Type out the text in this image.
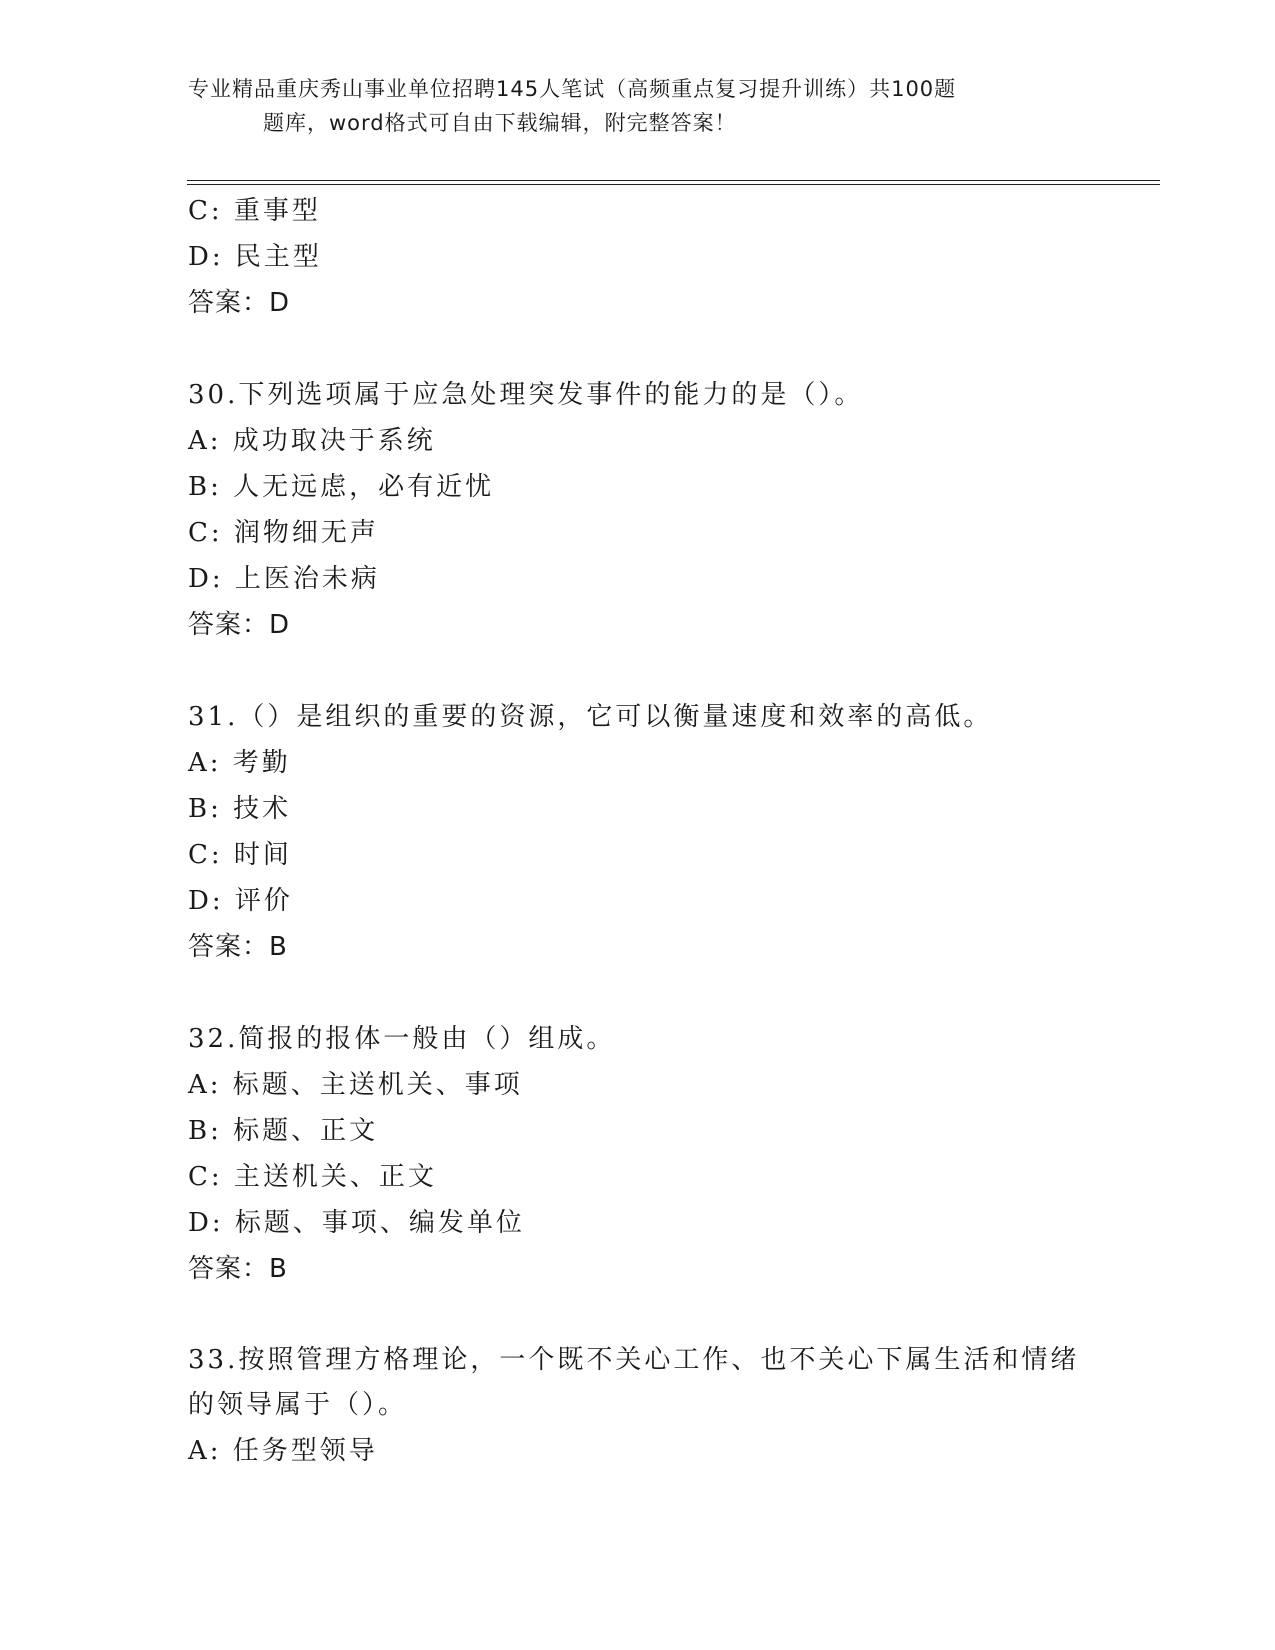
专业精品重庆秀山事业单位招聘145人笔试（高频重点复习提升训练）共100题
题库，word格式可自由下载编辑，附完整答案！
C: 重事型
D: 民主型
答案：D
30.下列选项属于应急处理突发事件的能力的是（）。
A: 成功取决于系统
B: 人无远虑，必有近忧
C: 润物细无声
D: 上医治未病
答案：D
31.（）是组织的重要的资源，它可以衡量速度和效率的高低。
A: 考勤
B: 技术
C: 时间
D: 评价
答案：B
32.简报的报体一般由（）组成。
A: 标题、主送机关、事项
B: 标题、正文
C: 主送机关、正文
D: 标题、事项、编发单位
答案：B
33.按照管理方格理论，一个既不关心工作、也不关心下属生活和情绪
的领导属于（）。
A: 任务型领导
